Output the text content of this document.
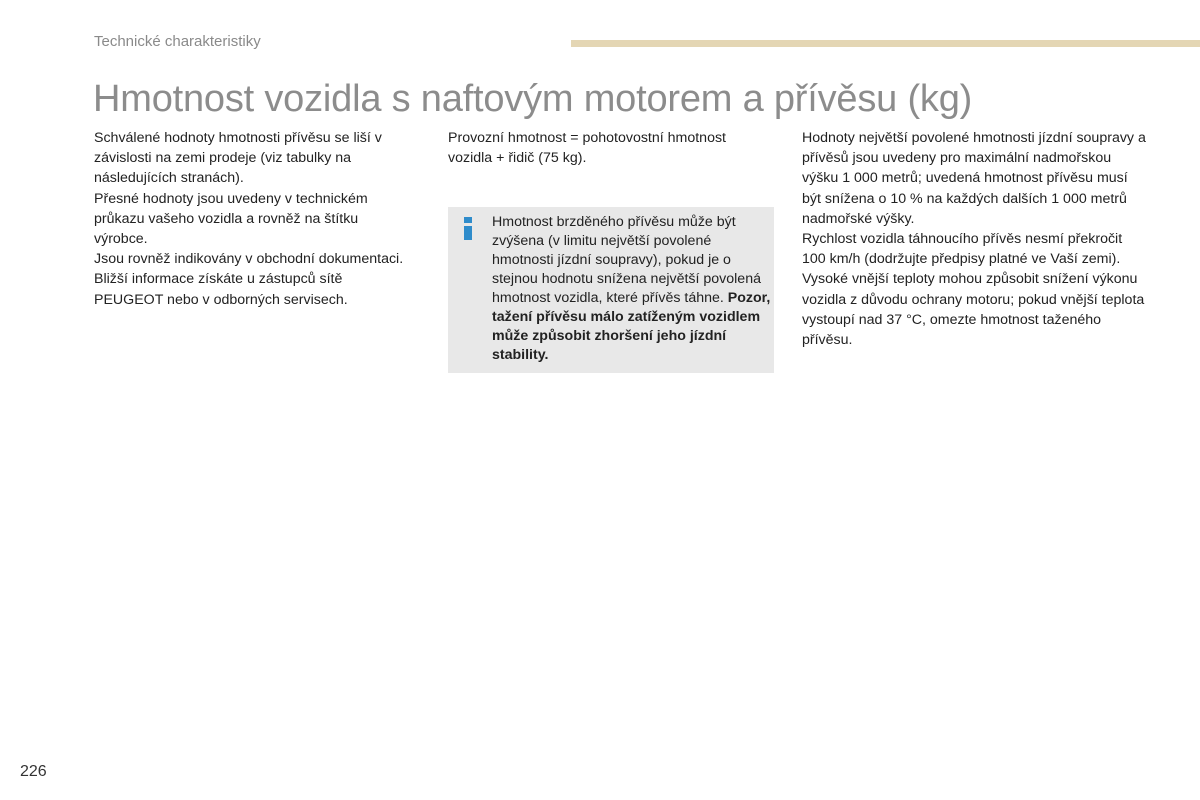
Technické charakteristiky
Hmotnost vozidla s naftovým motorem a přívěsu (kg)

Schválené hodnoty hmotnosti přívěsu se liší v závislosti na zemi prodeje (viz tabulky na následujících stranách).

Přesné hodnoty jsou uvedeny v technickém průkazu vašeho vozidla a rovněž na štítku výrobce.

Jsou rovněž indikovány v obchodní dokumentaci.

Bližší informace získáte u zástupců sítě PEUGEOT nebo v odborných servisech.

Provozní hmotnost = pohotovostní hmotnost vozidla + řidič (75 kg).

Hmotnost brzděného přívěsu může být zvýšena (v limitu největší povolené hmotnosti jízdní soupravy), pokud je o stejnou hodnotu snížena největší povolená hmotnost vozidla, které přívěs táhne. Pozor, tažení přívěsu málo zatíženým vozidlem může způsobit zhoršení jeho jízdní stability.

Hodnoty největší povolené hmotnosti jízdní soupravy a přívěsů jsou uvedeny pro maximální nadmořskou výšku 1 000 metrů; uvedená hmotnost přívěsu musí být snížena o 10 % na každých dalších 1 000 metrů nadmořské výšky.

Rychlost vozidla táhnoucího přívěs nesmí překročit 100 km/h (dodržujte předpisy platné ve Vaší zemi).

Vysoké vnější teploty mohou způsobit snížení výkonu vozidla z důvodu ochrany motoru; pokud vnější teplota vystoupí nad 37 °C, omezte hmotnost taženého přívěsu.

226
